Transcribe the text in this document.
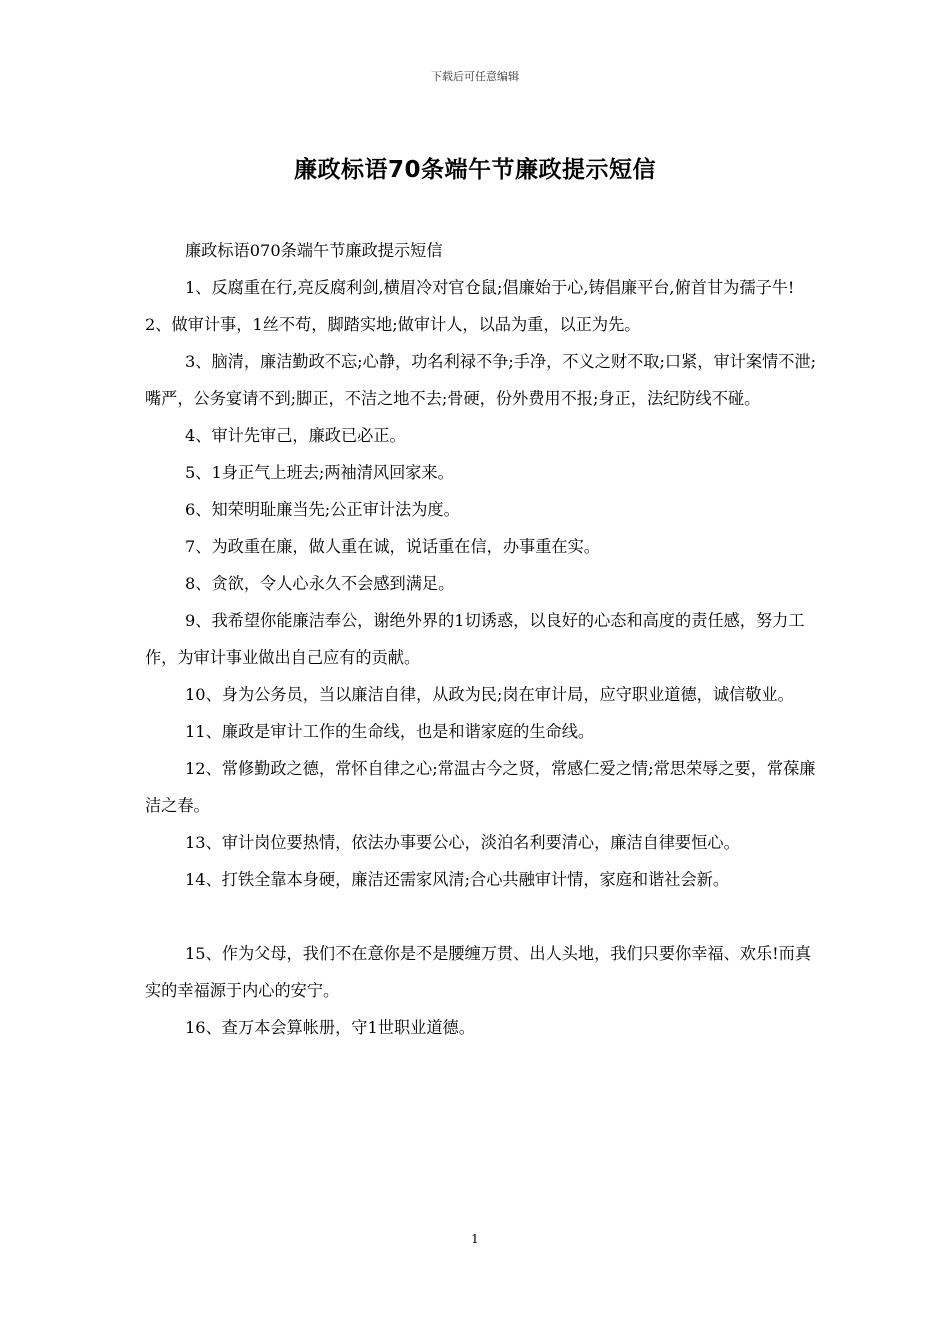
下载后可任意编辑
廉政标语70条端午节廉政提示短信

廉政标语070条端午节廉政提示短信

1、反腐重在行,亮反腐利剑,横眉冷对官仓鼠;倡廉始于心,铸倡廉平台,俯首甘为孺子牛!2、做审计事，1丝不苟，脚踏实地;做审计人，以品为重，以正为先。

3、脑清，廉洁勤政不忘;心静，功名利禄不争;手净，不义之财不取;口紧，审计案情不泄;嘴严，公务宴请不到;脚正，不洁之地不去;骨硬，份外费用不报;身正，法纪防线不碰。

4、审计先审己，廉政已必正。

5、1身正气上班去;两袖清风回家来。

6、知荣明耻廉当先;公正审计法为度。

7、为政重在廉，做人重在诚，说话重在信，办事重在实。

8、贪欲，令人心永久不会感到满足。

9、我希望你能廉洁奉公，谢绝外界的1切诱惑，以良好的心态和高度的责任感，努力工作，为审计事业做出自己应有的贡献。

10、身为公务员，当以廉洁自律，从政为民;岗在审计局，应守职业道德，诚信敬业。

11、廉政是审计工作的生命线，也是和谐家庭的生命线。

12、常修勤政之德，常怀自律之心;常温古今之贤，常感仁爱之情;常思荣辱之要，常葆廉洁之春。

13、审计岗位要热情，依法办事要公心，淡泊名利要清心，廉洁自律要恒心。

14、打铁全靠本身硬，廉洁还需家风清;合心共融审计情，家庭和谐社会新。

15、作为父母，我们不在意你是不是腰缠万贯、出人头地，我们只要你幸福、欢乐!而真实的幸福源于内心的安宁。

16、查万本会算帐册，守1世职业道德。

1
